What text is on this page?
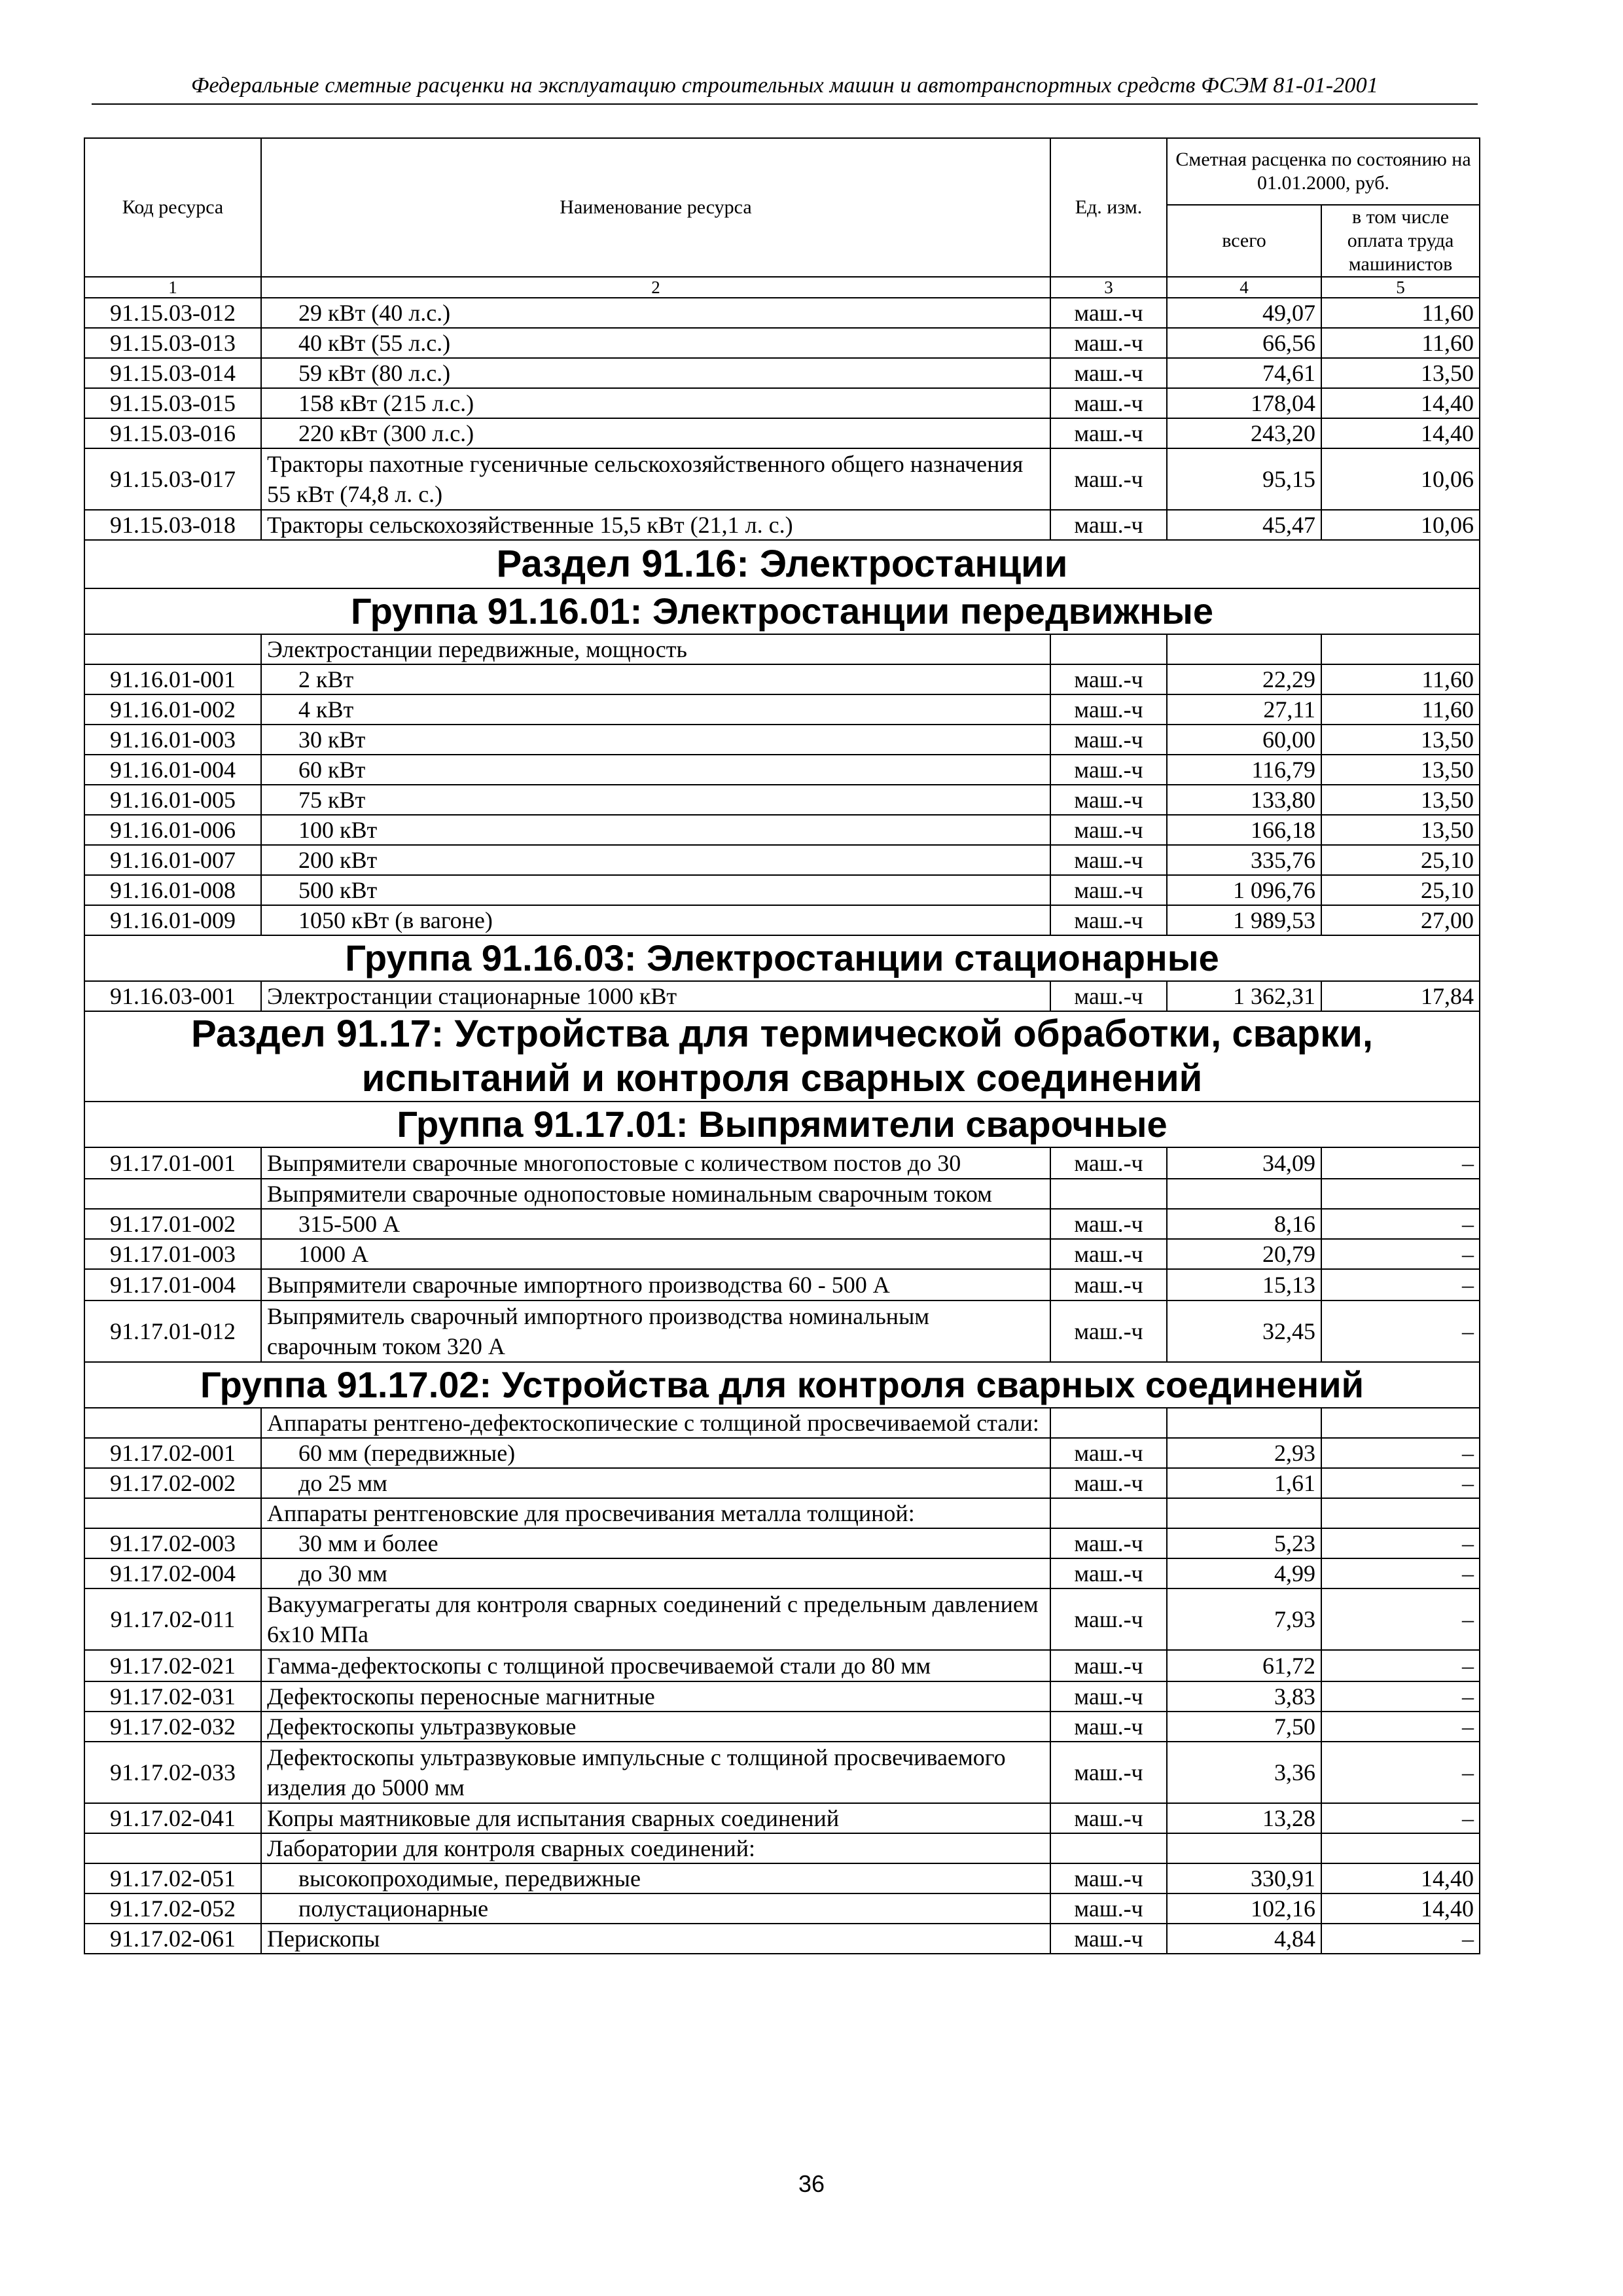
Федеральные сметные расценки на эксплуатацию строительных машин и автотранспортных средств ФСЭМ 81-01-2001
Код ресурса	Наименование ресурса	Ед. изм.	Сметная расценка по состоянию на 01.01.2000, руб.	
			всего	в том числе оплата труда машинистов
1	2	3	4	5
91.15.03-012	29 кВт (40 л.с.)	маш.-ч	49,07	11,60
91.15.03-013	40 кВт (55 л.с.)	маш.-ч	66,56	11,60
91.15.03-014	59 кВт (80 л.с.)	маш.-ч	74,61	13,50
91.15.03-015	158 кВт (215 л.с.)	маш.-ч	178,04	14,40
91.15.03-016	220 кВт (300 л.с.)	маш.-ч	243,20	14,40
91.15.03-017	Тракторы пахотные гусеничные сельскохозяйственного общего назначения 55 кВт (74,8 л. с.)	маш.-ч	95,15	10,06
91.15.03-018	Тракторы сельскохозяйственные 15,5 кВт (21,1 л. с.)	маш.-ч	45,47	10,06
Раздел 91.16: Электростанции				
Группа 91.16.01: Электростанции передвижные				
	Электростанции передвижные, мощность			
91.16.01-001	2 кВт	маш.-ч	22,29	11,60
91.16.01-002	4 кВт	маш.-ч	27,11	11,60
91.16.01-003	30 кВт	маш.-ч	60,00	13,50
91.16.01-004	60 кВт	маш.-ч	116,79	13,50
91.16.01-005	75 кВт	маш.-ч	133,80	13,50
91.16.01-006	100 кВт	маш.-ч	166,18	13,50
91.16.01-007	200 кВт	маш.-ч	335,76	25,10
91.16.01-008	500 кВт	маш.-ч	1 096,76	25,10
91.16.01-009	1050 кВт (в вагоне)	маш.-ч	1 989,53	27,00
Группа 91.16.03: Электростанции стационарные				
91.16.03-001	Электростанции стационарные 1000 кВт	маш.-ч	1 362,31	17,84
Раздел 91.17: Устройства для термической обработки, сварки, испытаний и контроля сварных соединений				
Группа 91.17.01: Выпрямители сварочные				
91.17.01-001	Выпрямители сварочные многопостовые с количеством постов до 30	маш.-ч	34,09	–
	Выпрямители сварочные однопостовые номинальным сварочным током			
91.17.01-002	315-500 А	маш.-ч	8,16	–
91.17.01-003	1000 А	маш.-ч	20,79	–
91.17.01-004	Выпрямители сварочные импортного производства 60 - 500 А	маш.-ч	15,13	–
91.17.01-012	Выпрямитель сварочный импортного производства номинальным сварочным током 320 А	маш.-ч	32,45	–
Группа 91.17.02: Устройства для контроля сварных соединений				
	Аппараты рентгено-дефектоскопические с толщиной просвечиваемой стали:			
91.17.02-001	60 мм (передвижные)	маш.-ч	2,93	–
91.17.02-002	до 25 мм	маш.-ч	1,61	–
	Аппараты рентгеновские для просвечивания металла толщиной:			
91.17.02-003	30 мм и более	маш.-ч	5,23	–
91.17.02-004	до 30 мм	маш.-ч	4,99	–
91.17.02-011	Вакуумагрегаты для контроля сварных соединений с предельным давлением 6x10 МПа	маш.-ч	7,93	–
91.17.02-021	Гамма-дефектоскопы с толщиной просвечиваемой стали до 80 мм	маш.-ч	61,72	–
91.17.02-031	Дефектоскопы переносные магнитные	маш.-ч	3,83	–
91.17.02-032	Дефектоскопы ультразвуковые	маш.-ч	7,50	–
91.17.02-033	Дефектоскопы ультразвуковые импульсные с толщиной просвечиваемого изделия до 5000 мм	маш.-ч	3,36	–
91.17.02-041	Копры маятниковые для испытания сварных соединений	маш.-ч	13,28	–
	Лаборатории для контроля сварных соединений:			
91.17.02-051	высокопроходимые, передвижные	маш.-ч	330,91	14,40
91.17.02-052	полустационарные	маш.-ч	102,16	14,40
91.17.02-061	Перископы	маш.-ч	4,84	–
36
